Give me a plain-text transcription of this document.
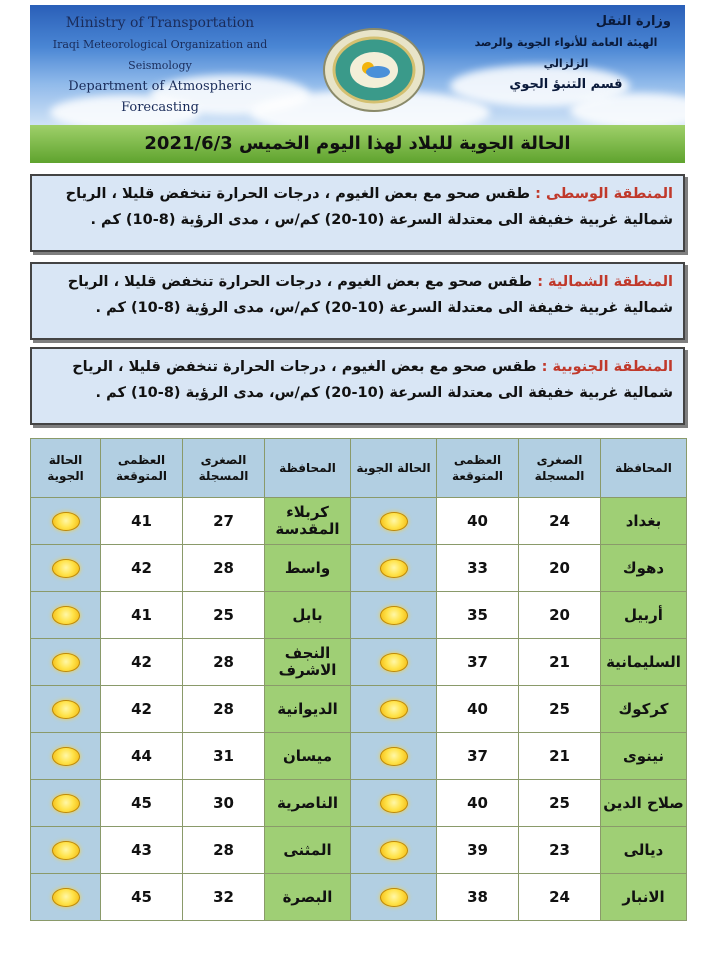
Ministry of Transportation
Iraqi Meteorological Organization and Seismology
Department of Atmospheric Forecasting
وزارة النقل
الهيئة العامة للأنواء الجوية والرصد الزلزالي
قسم التنبؤ الجوي
الحالة الجوية للبلاد لهذا اليوم الخميس 2021/6/3
المنطقة الوسطى : طقس صحو مع بعض الغيوم ، درجات الحرارة تنخفض قليلا ، الرياح شمالية غربية خفيفة الى معتدلة السرعة (10-20) كم/س ، مدى الرؤية (8-10) كم .
المنطقة الشمالية : طقس صحو مع بعض الغيوم ، درجات الحرارة تنخفض قليلا ، الرياح شمالية غربية خفيفة الى معتدلة السرعة (10-20) كم/س، مدى الرؤية (8-10) كم .
المنطقة الجنوبية : طقس صحو مع بعض الغيوم ، درجات الحرارة تنخفض قليلا ، الرياح شمالية غربية خفيفة الى معتدلة السرعة (10-20) كم/س، مدى الرؤية (8-10) كم .
المحافظة	الصغرى المسجلة	العظمى المتوقعة	الحالة الجوية	المحافظة	الصغرى المسجلة	العظمى المتوقعة	الحالة الجوية
بغداد	24	40		كربلاء المقدسة	27	41	
دهوك	20	33		واسط	28	42	
أربيل	20	35		بابل	25	41	
السليمانية	21	37		النجف الاشرف	28	42	
كركوك	25	40		الديوانية	28	42	
نينوى	21	37		ميسان	31	44	
صلاح الدين	25	40		الناصرية	30	45	
ديالى	23	39		المثنى	28	43	
الانبار	24	38		البصرة	32	45	
